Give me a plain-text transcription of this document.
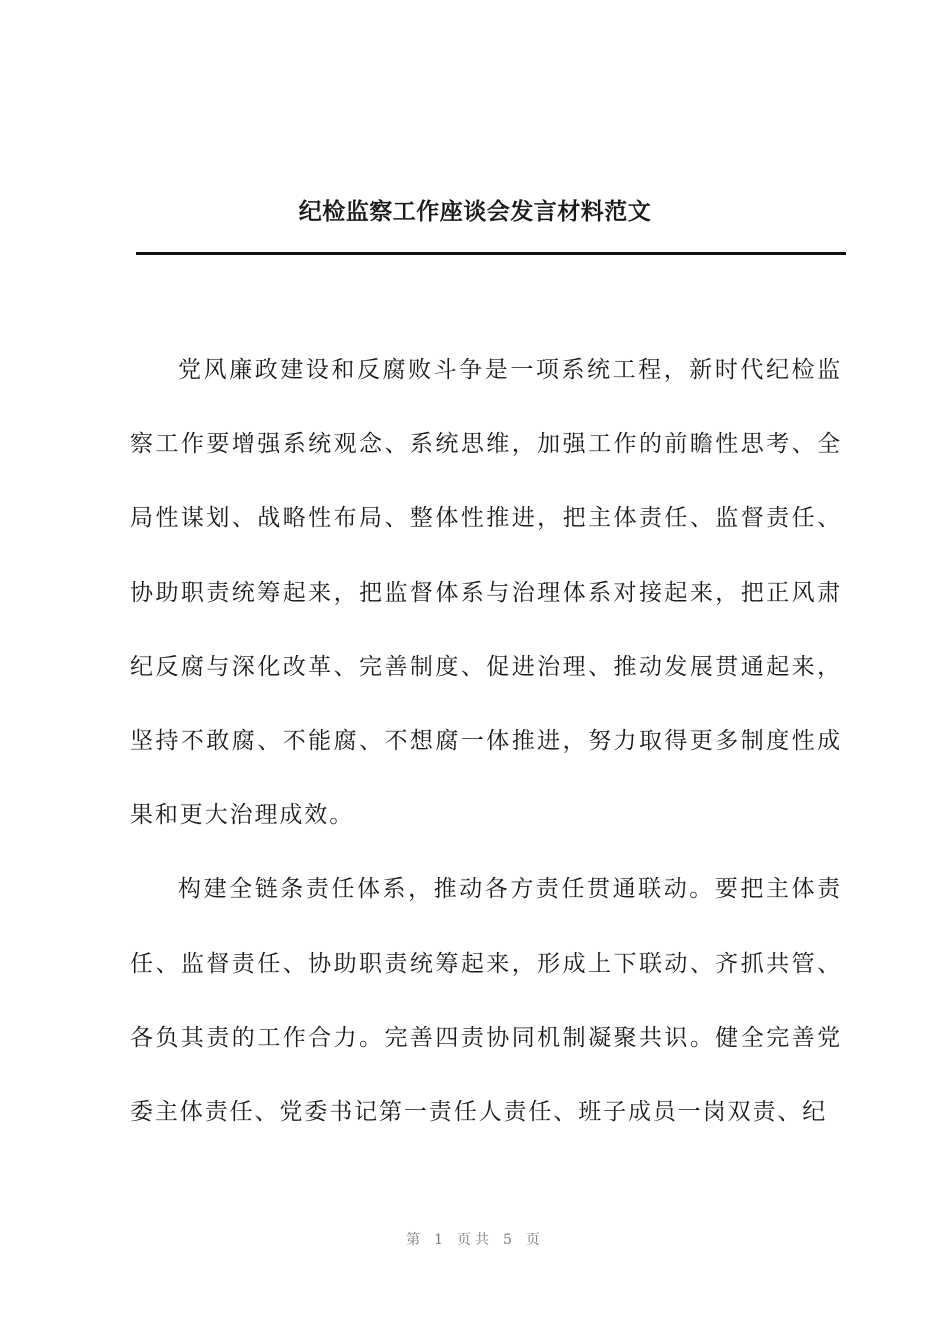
纪检监察工作座谈会发言材料范文

党风廉政建设和反腐败斗争是一项系统工程，新时代纪检监察工作要增强系统观念、系统思维，加强工作的前瞻性思考、全局性谋划、战略性布局、整体性推进，把主体责任、监督责任、协助职责统筹起来，把监督体系与治理体系对接起来，把正风肃纪反腐与深化改革、完善制度、促进治理、推动发展贯通起来，坚持不敢腐、不能腐、不想腐一体推进，努力取得更多制度性成果和更大治理成效。

构建全链条责任体系，推动各方责任贯通联动。要把主体责任、监督责任、协助职责统筹起来，形成上下联动、齐抓共管、各负其责的工作合力。完善四责协同机制凝聚共识。健全完善党委主体责任、党委书记第一责任人责任、班子成员一岗双责、纪

第 1 页共 5 页
